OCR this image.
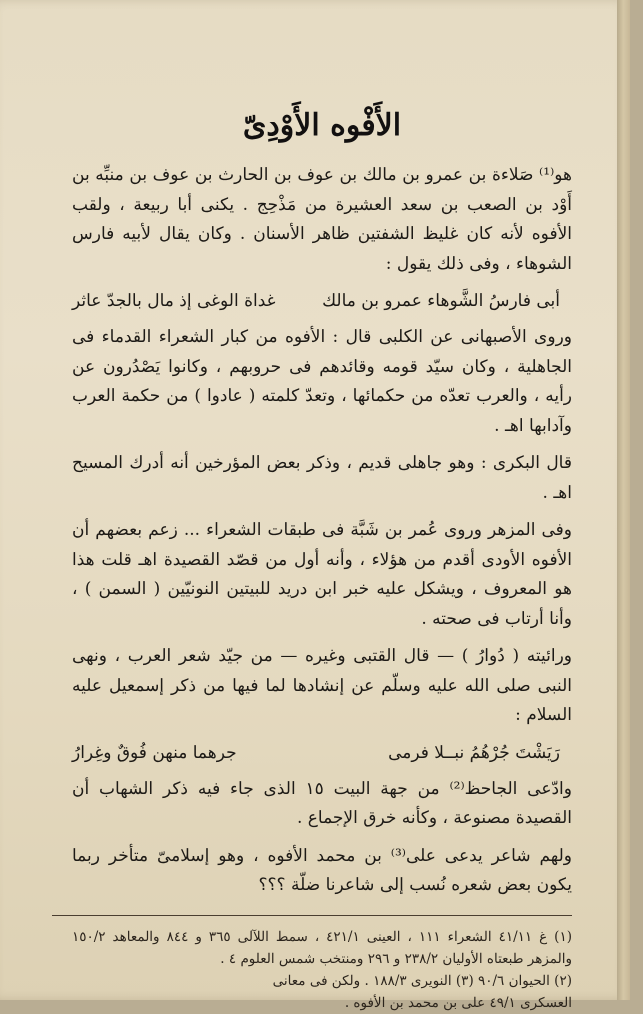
الأَفْوه الأَوْدِىّ

هو⁽¹⁾ صَلاءة بن عمرو بن مالك بن عوف بن الحارث بن عوف بن منبِّه بن أَوْد بن الصعب بن سعد العشيرة من مَذْحِج . يكنى أبا ربيعة ، ولقب الأفوه لأنه كان غليظ الشفتين ظاهر الأسنان . وكان يقال لأبيه فارس الشوهاء ، وفى ذلك يقول :

أبى فارسُ الشَّوهاء عمرو بن مالك
غداة الوغى إذ مال بالجدّ عاثر

وروى الأصبهانى عن الكلبى قال : الأفوه من كبار الشعراء القدماء فى الجاهلية ، وكان سيّد قومه وقائدهم فى حروبهم ، وكانوا يَصْدُرون عن رأيه ، والعرب تعدّه من حكمائها ، وتعدّ كلمته ( عادوا ) من حكمة العرب وآدابها اهـ .

قال البكرى : وهو جاهلى قديم ، وذكر بعض المؤرخين أنه أدرك المسيح اهـ .

وفى المزهر وروى عُمر بن شَبَّة فى طبقات الشعراء ... زعم بعضهم أن الأفوه الأودى أقدم من هؤلاء ، وأنه أول من قصّد القصيدة اهـ قلت هذا هو المعروف ، ويشكل عليه خبر ابن دريد للبيتين النونيّين ( السمن ) ، وأنا أرتاب فى صحته .

ورائيته ( دُوارُ ) — قال القتبى وغيره — من جيّد شعر العرب ، ونهى النبى صلى الله عليه وسلّم عن إنشادها لما فيها من ذكر إسمعيل عليه السلام :

رَيَشْتَ جُرْهُمُ نبــلا فرمى
جرهما منهن فُوقٌ وغِرارُ

وادّعى الجاحظ⁽²⁾ من جهة البيت ١٥ الذى جاء فيه ذكر الشهاب أن القصيدة مصنوعة ، وكأنه خرق الإجماع .

ولهم شاعر يدعى على⁽³⁾ بن محمد الأفوه ، وهو إسلامىّ متأخر ربما يكون بعض شعره نُسب إلى شاعرنا ضلّة ؟؟؟

(١) غ ٤١/١١ الشعراء ١١١ ، العينى ٤٢١/١ ، سمط اللآلى ٣٦٥ و ٨٤٤ والمعاهد ١٥٠/٢ والمزهر طبعتاه الأوليان ٢٣٨/٢ و ٢٩٦ ومنتخب شمس العلوم ٤ .

(٢) الحيوان ٩٠/٦ (٣) النويرى ١٨٨/٣ . ولكن فى معانى

العسكرى ٤٩/١ على بن محمد بن الأفوه .
